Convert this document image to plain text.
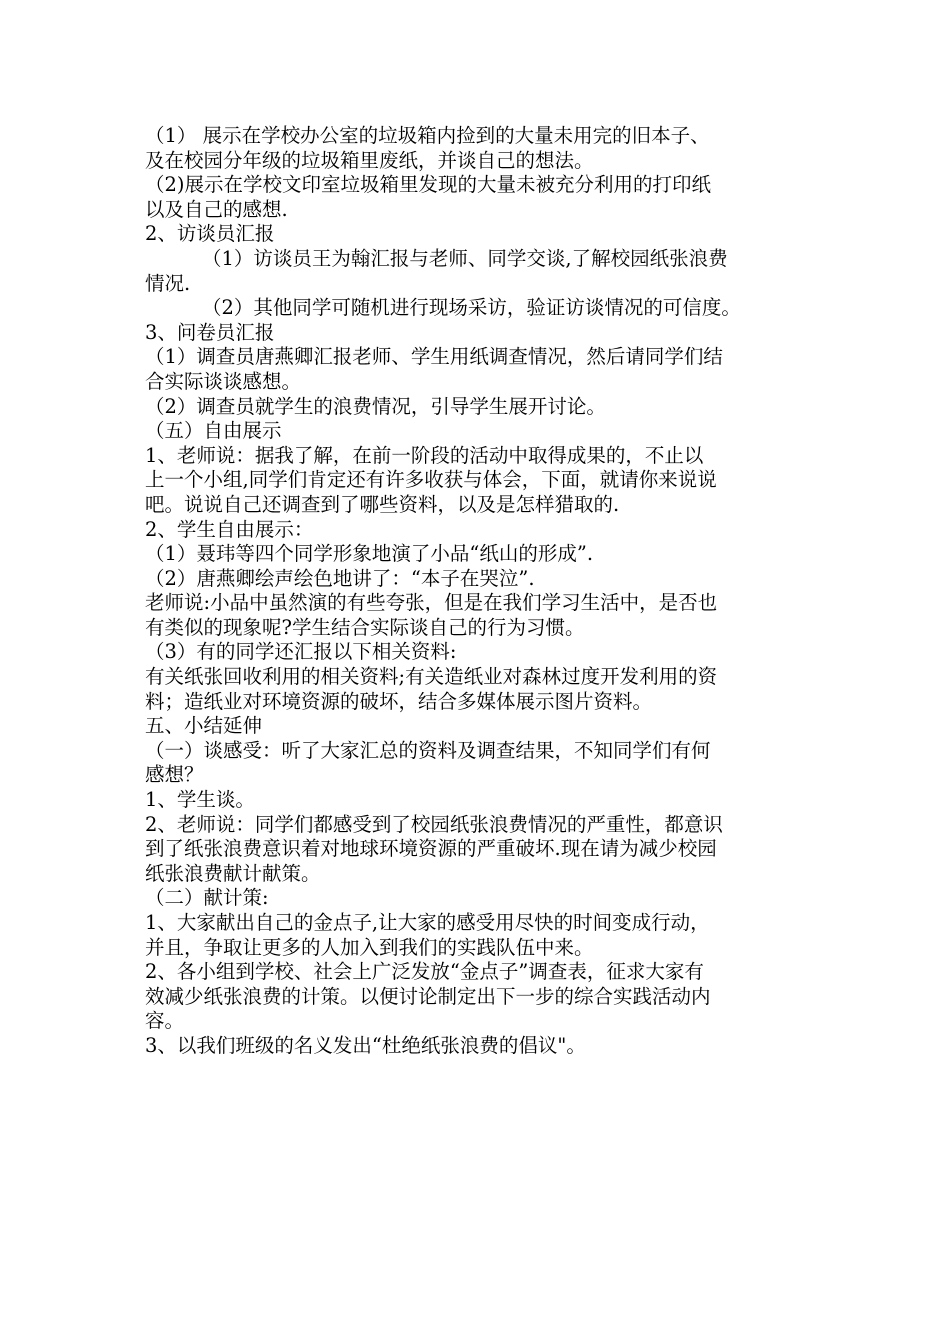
（1） 展示在学校办公室的垃圾箱内捡到的大量未用完的旧本子、
及在校园分年级的垃圾箱里废纸，并谈自己的想法。
（2)展示在学校文印室垃圾箱里发现的大量未被充分利用的打印纸
以及自己的感想.
2、访谈员汇报
（1）访谈员王为翰汇报与老师、同学交谈,了解校园纸张浪费
情况.
（2）其他同学可随机进行现场采访，验证访谈情况的可信度。
3、问卷员汇报
（1）调查员唐燕卿汇报老师、学生用纸调查情况，然后请同学们结
合实际谈谈感想。
（2）调查员就学生的浪费情况，引导学生展开讨论。
（五）自由展示
1、老师说：据我了解，在前一阶段的活动中取得成果的，不止以
上一个小组,同学们肯定还有许多收获与体会，下面，就请你来说说
吧。说说自己还调查到了哪些资料，以及是怎样猎取的.
2、学生自由展示：
（1）聂玮等四个同学形象地演了小品“纸山的形成”.
（2）唐燕卿绘声绘色地讲了：“本子在哭泣”.
老师说:小品中虽然演的有些夸张，但是在我们学习生活中，是否也
有类似的现象呢?学生结合实际谈自己的行为习惯。
（3）有的同学还汇报以下相关资料:
有关纸张回收利用的相关资料;有关造纸业对森林过度开发利用的资
料；造纸业对环境资源的破坏，结合多媒体展示图片资料。
五、小结延伸
（一）谈感受：听了大家汇总的资料及调查结果，不知同学们有何
感想？
1、学生谈。
2、老师说：同学们都感受到了校园纸张浪费情况的严重性，都意识
到了纸张浪费意识着对地球环境资源的严重破坏.现在请为减少校园
纸张浪费献计献策。
（二）献计策:
1、大家献出自己的金点子,让大家的感受用尽快的时间变成行动，
并且，争取让更多的人加入到我们的实践队伍中来。
2、各小组到学校、社会上广泛发放“金点子”调查表，征求大家有
效减少纸张浪费的计策。以便讨论制定出下一步的综合实践活动内
容。
3、以我们班级的名义发出“杜绝纸张浪费的倡议"。
